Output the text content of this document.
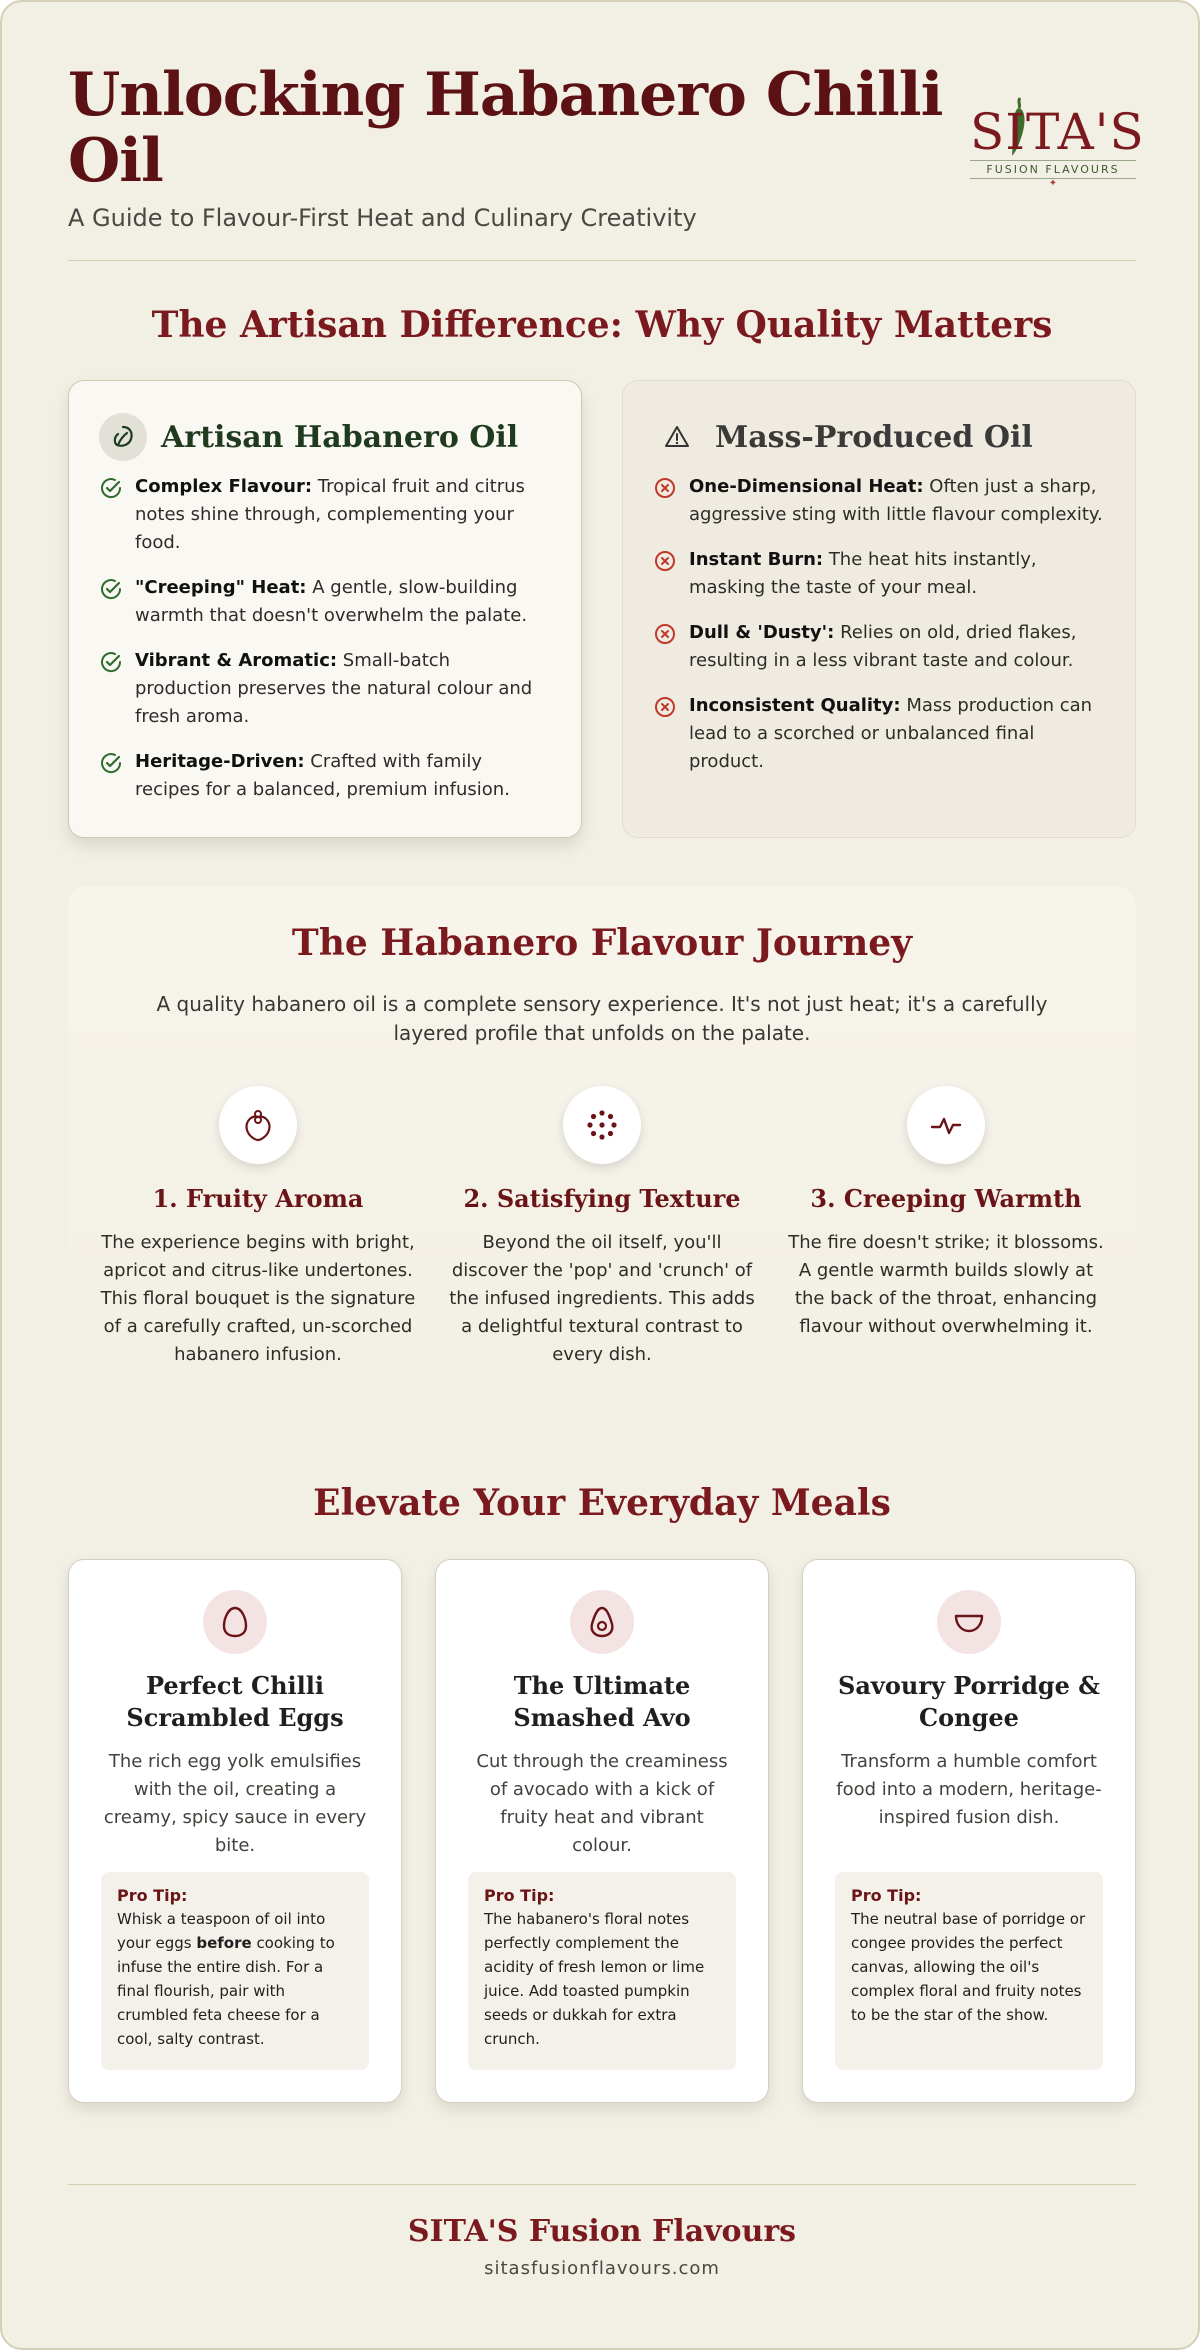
Unlocking Habanero Chilli Oil
A Guide to Flavour-First Heat and Culinary Creativity
SITA'S
FUSION FLAVOURS
✦
The Artisan Difference: Why Quality Matters
Artisan Habanero Oil
Complex Flavour: Tropical fruit and citrus notes shine through, complementing your food.
"Creeping" Heat: A gentle, slow-building warmth that doesn't overwhelm the palate.
Vibrant & Aromatic: Small-batch production preserves the natural colour and fresh aroma.
Heritage-Driven: Crafted with family recipes for a balanced, premium infusion.
Mass-Produced Oil
One-Dimensional Heat: Often just a sharp, aggressive sting with little flavour complexity.
Instant Burn: The heat hits instantly, masking the taste of your meal.
Dull & 'Dusty': Relies on old, dried flakes, resulting in a less vibrant taste and colour.
Inconsistent Quality: Mass production can lead to a scorched or unbalanced final product.
The Habanero Flavour Journey

A quality habanero oil is a complete sensory experience. It's not just heat; it's a carefully layered profile that unfolds on the palate.

1. Fruity Aroma
The experience begins with bright, apricot and citrus-like undertones. This floral bouquet is the signature of a carefully crafted, un-scorched habanero infusion.
2. Satisfying Texture
Beyond the oil itself, you'll discover the 'pop' and 'crunch' of the infused ingredients. This adds a delightful textural contrast to every dish.
3. Creeping Warmth
The fire doesn't strike; it blossoms. A gentle warmth builds slowly at the back of the throat, enhancing flavour without overwhelming it.
Elevate Your Everyday Meals
Perfect Chilli Scrambled Eggs
The rich egg yolk emulsifies with the oil, creating a creamy, spicy sauce in every bite.
Pro Tip:
Whisk a teaspoon of oil into your eggs before cooking to infuse the entire dish. For a final flourish, pair with crumbled feta cheese for a cool, salty contrast.
The Ultimate Smashed Avo
Cut through the creaminess of avocado with a kick of fruity heat and vibrant colour.
Pro Tip:
The habanero's floral notes perfectly complement the acidity of fresh lemon or lime juice. Add toasted pumpkin seeds or dukkah for extra crunch.
Savoury Porridge & Congee
Transform a humble comfort food into a modern, heritage-inspired fusion dish.
Pro Tip:
The neutral base of porridge or congee provides the perfect canvas, allowing the oil's complex floral and fruity notes to be the star of the show.
SITA'S Fusion Flavours
sitasfusionflavours.com
